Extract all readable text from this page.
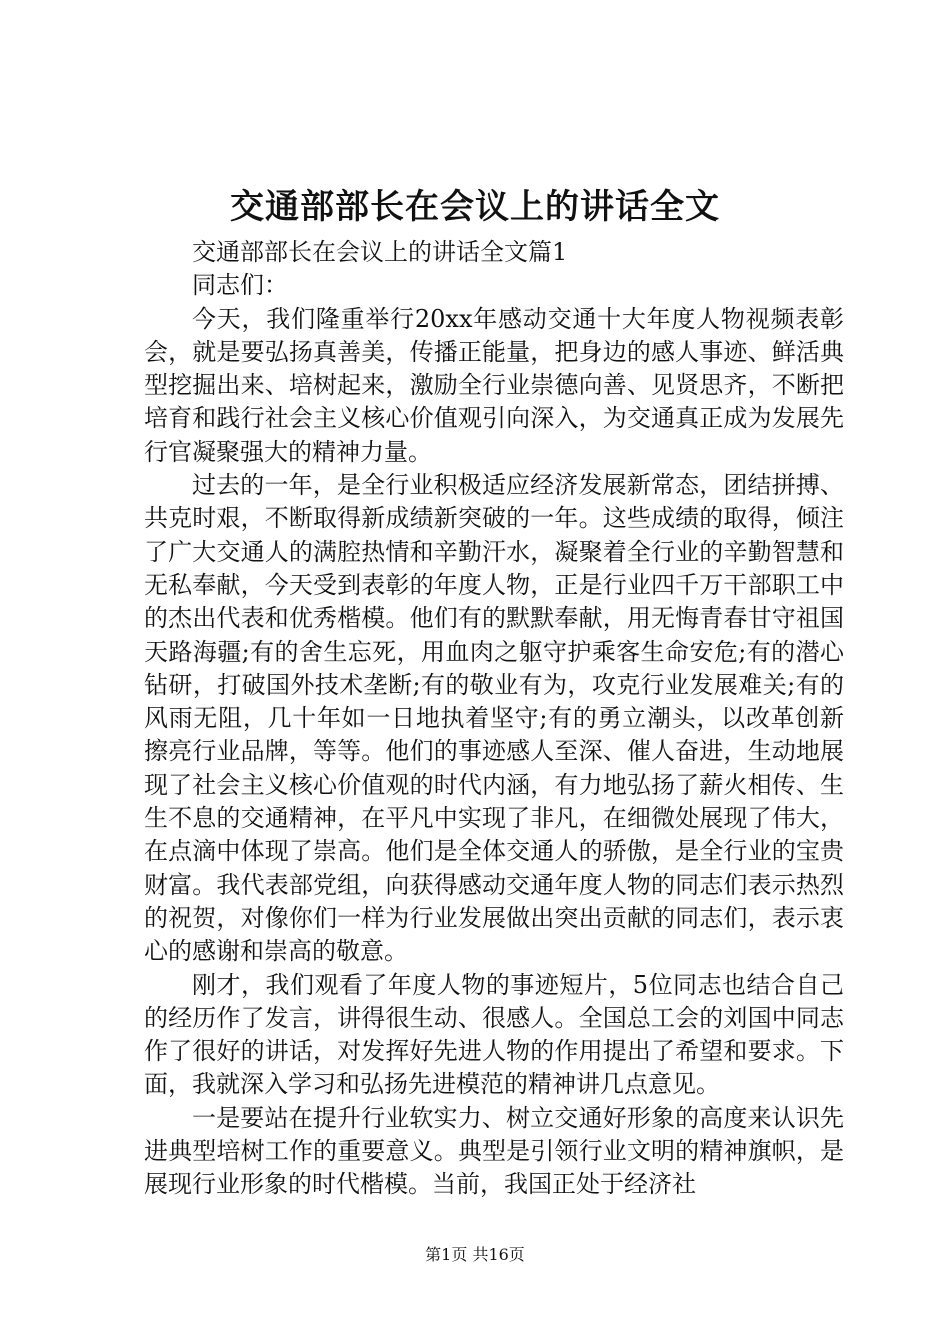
交通部部长在会议上的讲话全文

交通部部长在会议上的讲话全文篇1

同志们：

今天，我们隆重举行20xx年感动交通十大年度人物视频表彰会，就是要弘扬真善美，传播正能量，把身边的感人事迹、鲜活典型挖掘出来、培树起来，激励全行业崇德向善、见贤思齐，不断把培育和践行社会主义核心价值观引向深入，为交通真正成为发展先行官凝聚强大的精神力量。

过去的一年，是全行业积极适应经济发展新常态，团结拼搏、共克时艰，不断取得新成绩新突破的一年。这些成绩的取得，倾注了广大交通人的满腔热情和辛勤汗水，凝聚着全行业的辛勤智慧和无私奉献，今天受到表彰的年度人物，正是行业四千万干部职工中的杰出代表和优秀楷模。他们有的默默奉献，用无悔青春甘守祖国天路海疆;有的舍生忘死，用血肉之躯守护乘客生命安危;有的潜心钻研，打破国外技术垄断;有的敬业有为，攻克行业发展难关;有的风雨无阻，几十年如一日地执着坚守;有的勇立潮头，以改革创新擦亮行业品牌，等等。他们的事迹感人至深、催人奋进，生动地展现了社会主义核心价值观的时代内涵，有力地弘扬了薪火相传、生生不息的交通精神，在平凡中实现了非凡，在细微处展现了伟大，在点滴中体现了崇高。他们是全体交通人的骄傲，是全行业的宝贵财富。我代表部党组，向获得感动交通年度人物的同志们表示热烈的祝贺，对像你们一样为行业发展做出突出贡献的同志们，表示衷心的感谢和崇高的敬意。

刚才，我们观看了年度人物的事迹短片，5位同志也结合自己的经历作了发言，讲得很生动、很感人。全国总工会的刘国中同志作了很好的讲话，对发挥好先进人物的作用提出了希望和要求。下面，我就深入学习和弘扬先进模范的精神讲几点意见。

一是要站在提升行业软实力、树立交通好形象的高度来认识先进典型培树工作的重要意义。典型是引领行业文明的精神旗帜，是展现行业形象的时代楷模。当前，我国正处于经济社

第1页 共16页
